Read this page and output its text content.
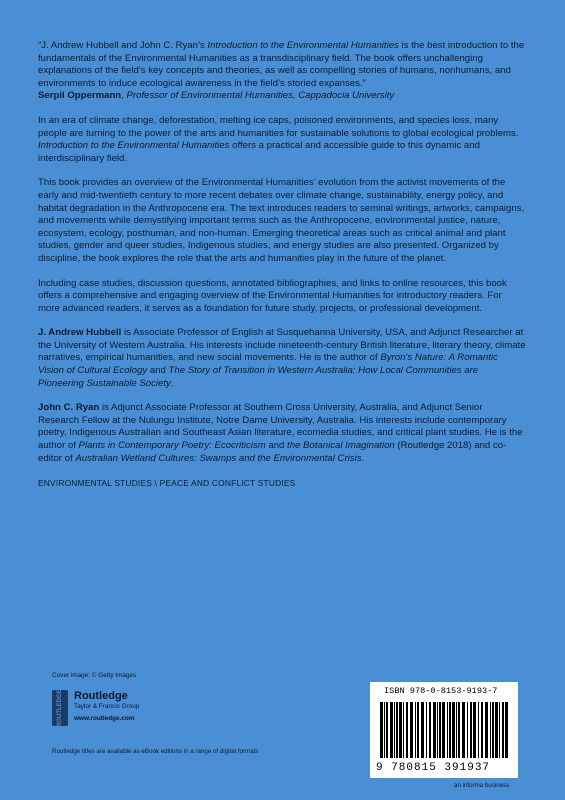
“J. Andrew Hubbell and John C. Ryan’s Introduction to the Environmental Humanities is the best introduction to the fundamentals of the Environmental Humanities as a transdisciplinary field. The book offers unchallenging explanations of the field’s key concepts and theories, as well as compelling stories of humans, nonhumans, and environments to induce ecological awareness in the field’s storied expanses.”
Serpil Oppermann, Professor of Environmental Humanities, Cappadocia University

In an era of climate change, deforestation, melting ice caps, poisoned environments, and species loss, many people are turning to the power of the arts and humanities for sustainable solutions to global ecological problems. Introduction to the Environmental Humanities offers a practical and accessible guide to this dynamic and interdisciplinary field.

This book provides an overview of the Environmental Humanities’ evolution from the activist movements of the early and mid-twentieth century to more recent debates over climate change, sustainability, energy policy, and habitat degradation in the Anthropocene era. The text introduces readers to seminal writings, artworks, campaigns, and movements while demystifying important terms such as the Anthropocene, environmental justice, nature, ecosystem, ecology, posthuman, and non-human. Emerging theoretical areas such as critical animal and plant studies, gender and queer studies, Indigenous studies, and energy studies are also presented. Organized by discipline, the book explores the role that the arts and humanities play in the future of the planet.

Including case studies, discussion questions, annotated bibliographies, and links to online resources, this book offers a comprehensive and engaging overview of the Environmental Humanities for introductory readers. For more advanced readers, it serves as a foundation for future study, projects, or professional development.

J. Andrew Hubbell is Associate Professor of English at Susquehanna University, USA, and Adjunct Researcher at the University of Western Australia. His interests include nineteenth-century British literature, literary theory, climate narratives, empirical humanities, and new social movements. He is the author of Byron’s Nature: A Romantic Vision of Cultural Ecology and The Story of Transition in Western Australia: How Local Communities are Pioneering Sustainable Society.

John C. Ryan is Adjunct Associate Professor at Southern Cross University, Australia, and Adjunct Senior Research Fellow at the Nulungu Institute, Notre Dame University, Australia. His interests include contemporary poetry, Indigenous Australian and Southeast Asian literature, ecomedia studies, and critical plant studies. He is the author of Plants in Contemporary Poetry: Ecocriticism and the Botanical Imagination (Routledge 2018) and co-editor of Australian Wetland Cultures: Swamps and the Environmental Crisis.

ENVIRONMENTAL STUDIES \ PEACE AND CONFLICT STUDIES

Cover image: © Getty Images
ROUTLEDGE	Routledge
Taylor & Francis Group
www.routledge.com
Routledge titles are available as eBook editions in a range of digital formats
ISBN 978-0-8153-9193-7
9 780815 391937
an informa business
